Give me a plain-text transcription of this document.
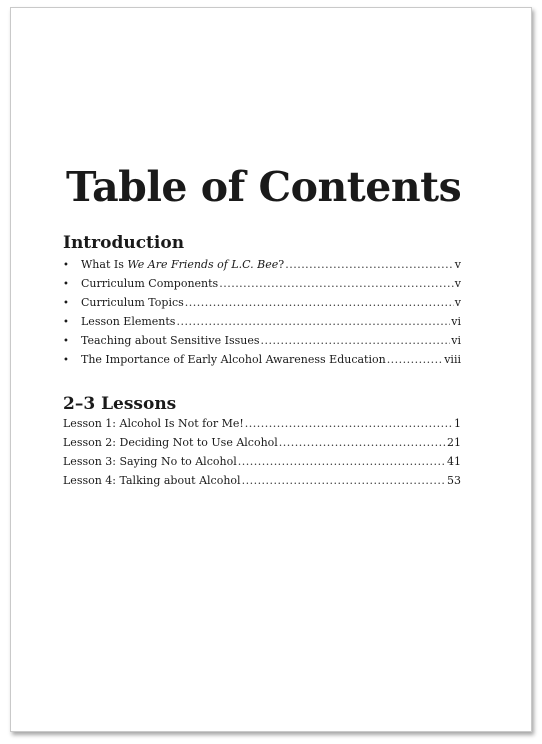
Table of Contents
Introduction
•	What Is We Are Friends of L.C. Bee? .....	v
•	Curriculum Components .....	v
•	Curriculum Topics .....	v
•	Lesson Elements .....	vi
•	Teaching about Sensitive Issues .....	vi
•	The Importance of Early Alcohol Awareness Education .....	viii
2–3 Lessons
Lesson 1: Alcohol Is Not for Me! .....	1
Lesson 2: Deciding Not to Use Alcohol .....	21
Lesson 3: Saying No to Alcohol .....	41
Lesson 4: Talking about Alcohol .....	53
